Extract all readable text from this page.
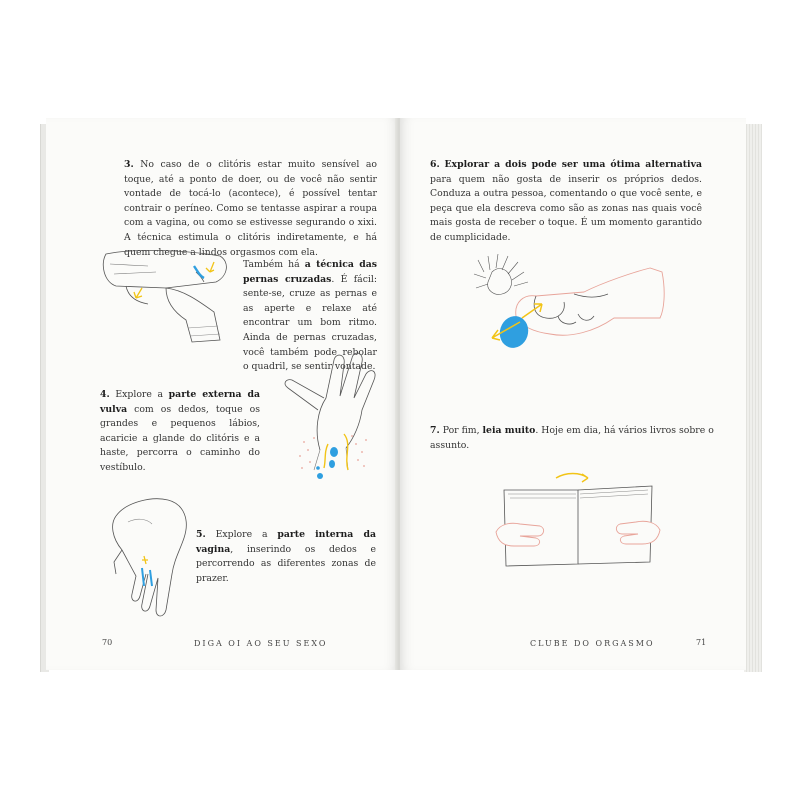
3. No caso de o clitóris estar muito sensível ao toque, até a ponto de doer, ou de você não sentir vontade de tocá-lo (acontece), é possível tentar contrair o períneo. Como se tentasse aspirar a roupa com a vagina, ou como se estivesse segurando o xixi. A técnica estimula o clitóris indiretamente, e há quem chegue a lindos orgasmos com ela.
Também há a técnica das pernas cruzadas. É fácil: sente-se, cruze as pernas e as aperte e relaxe até encontrar um bom ritmo. Ainda de pernas cruzadas, você também pode rebolar o quadril, se sentir vontade.
4. Explore a parte externa da vulva com os dedos, toque os grandes e pequenos lábios, acaricie a glande do clitóris e a haste, percorra o caminho do vestíbulo.
5. Explore a parte interna da vagina, inserindo os dedos e percorrendo as diferentes zonas de prazer.
70	DIGA OI AO SEU SEXO
6. Explorar a dois pode ser uma ótima alternativa para quem não gosta de inserir os próprios dedos. Conduza a outra pessoa, comentando o que você sente, e peça que ela descreva como são as zonas nas quais você mais gosta de receber o toque. É um momento garantido de cumplicidade.
7. Por fim, leia muito. Hoje em dia, há vários livros sobre o assunto.
CLUBE DO ORGASMO	71
